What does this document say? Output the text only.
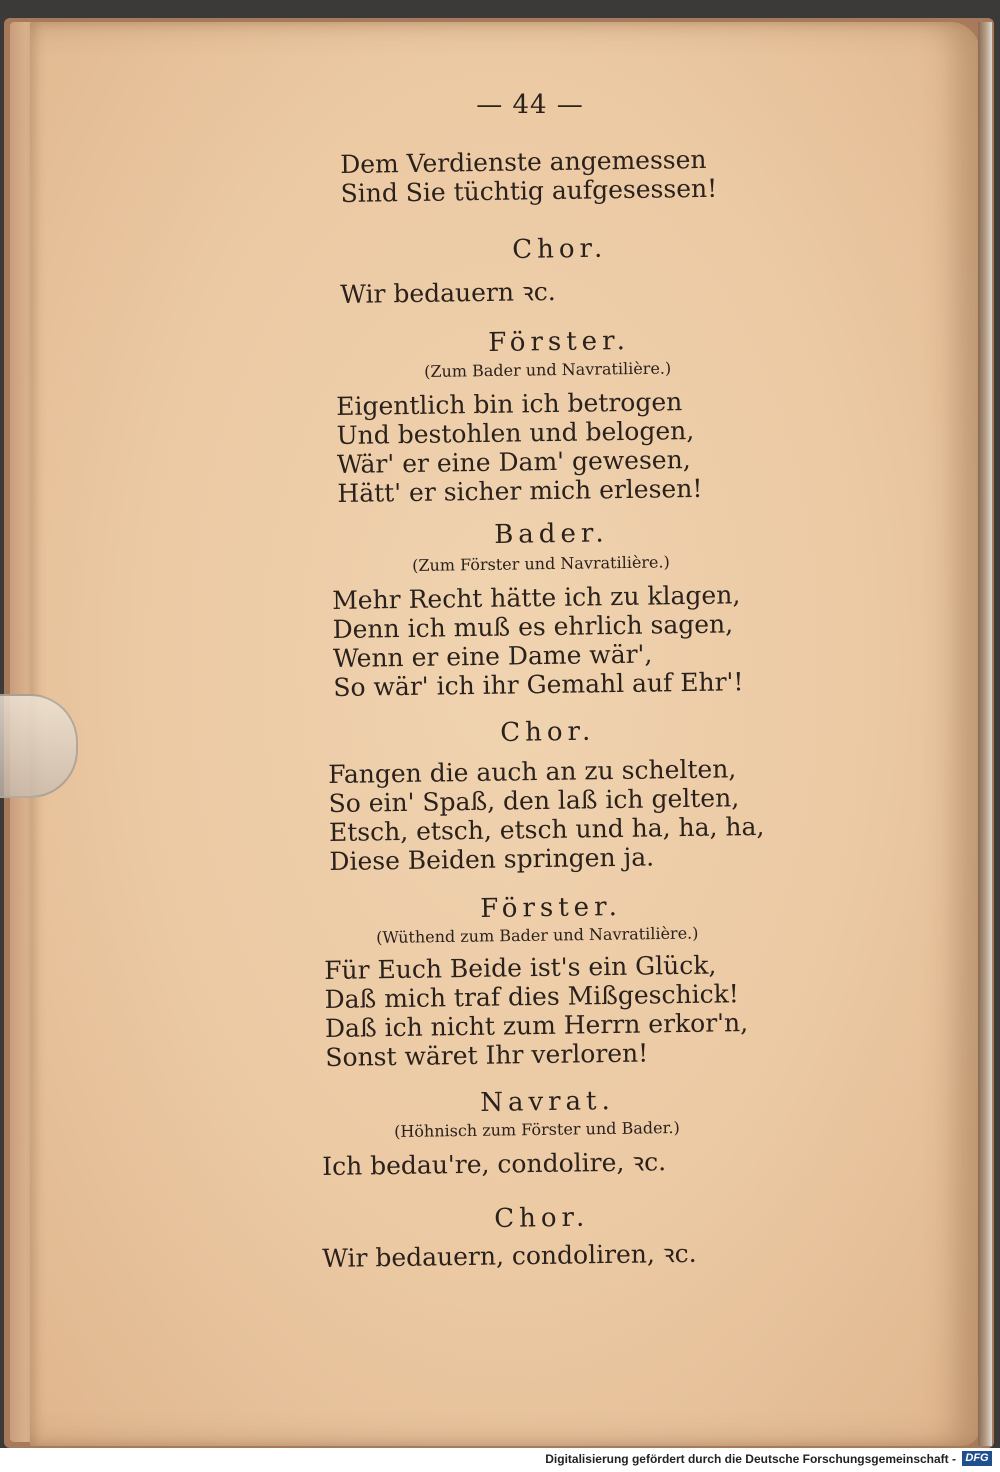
— 44 —
Dem Verdienste angemessen
Sind Sie tüchtig aufgesessen!
Chor.
Wir bedauern ꝛc.
Förster.
(Zum Bader und Navratilière.)
Eigentlich bin ich betrogen
Und bestohlen und belogen,
Wär' er eine Dam' gewesen,
Hätt' er sicher mich erlesen!
Bader.
(Zum Förster und Navratilière.)
Mehr Recht hätte ich zu klagen,
Denn ich muß es ehrlich sagen,
Wenn er eine Dame wär',
So wär' ich ihr Gemahl auf Ehr'!
Chor.
Fangen die auch an zu schelten,
So ein' Spaß, den laß ich gelten,
Etsch, etsch, etsch und ha, ha, ha,
Diese Beiden springen ja.
Förster.
(Wüthend zum Bader und Navratilière.)
Für Euch Beide ist's ein Glück,
Daß mich traf dies Mißgeschick!
Daß ich nicht zum Herrn erkor'n,
Sonst wäret Ihr verloren!
Navrat.
(Höhnisch zum Förster und Bader.)
Ich bedau're, condolire, ꝛc.
Chor.
Wir bedauern, condoliren, ꝛc.
Digitalisierung gefördert durch die Deutsche Forschungsgemeinschaft - DFG
